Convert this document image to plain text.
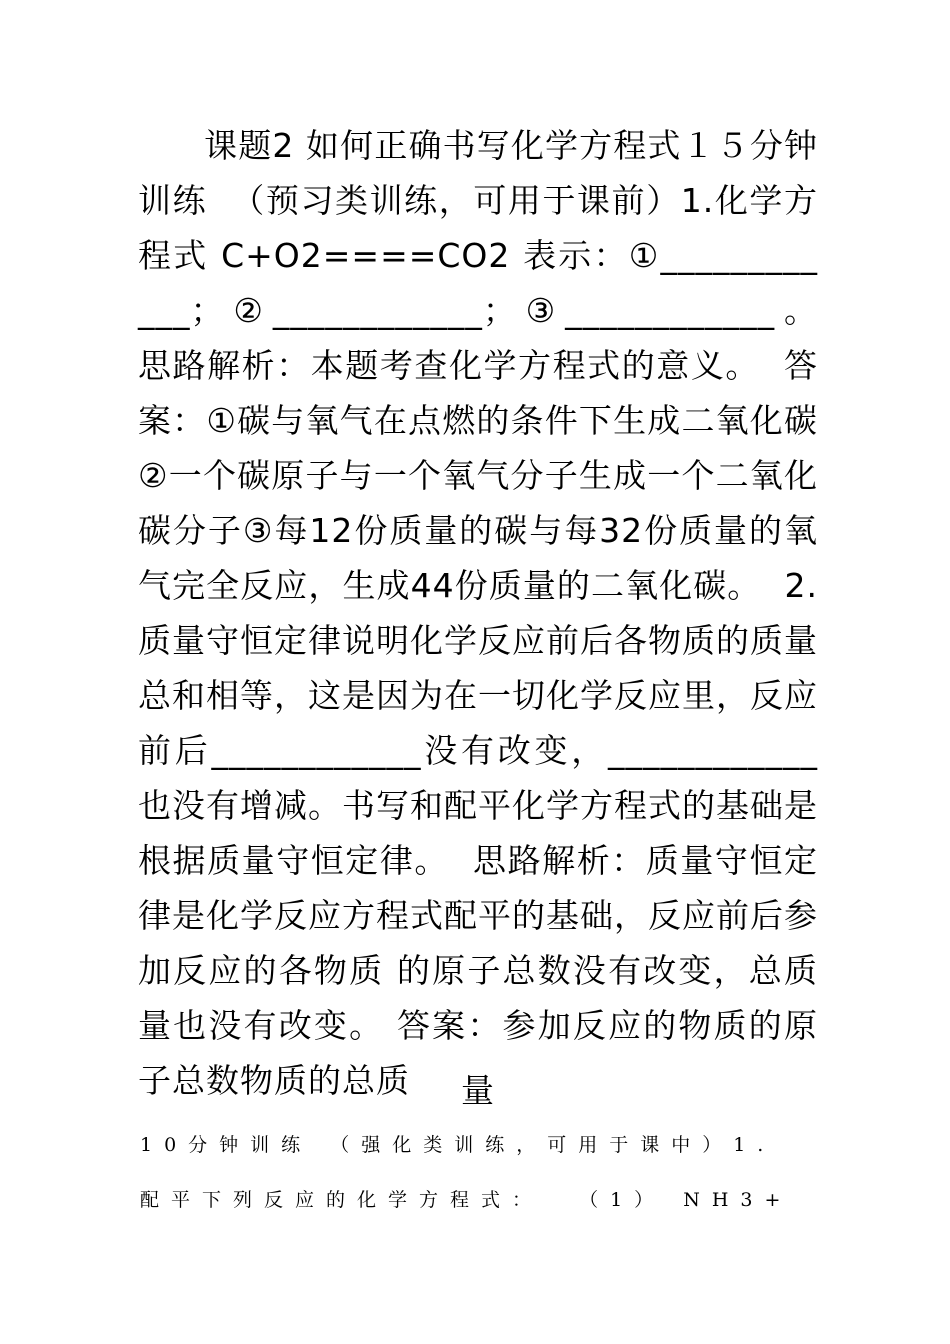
课题2 如何正确书写化学方程式１５分钟训练  （预习类训练，可用于课前）1.化学方程式 C+O2====CO2 表示：①____________；②____________；③____________。 思路解析：本题考查化学方程式的意义。  答案：①碳与氧气在点燃的条件下生成二氧化碳②一个碳原子与一个氧气分子生成一个二氧化碳分子③每12份质量的碳与每32份质量的氧气完全反应，生成44份质量的二氧化碳。  2.质量守恒定律说明化学反应前后各物质的质量总和相等，这是因为在一切化学反应里，反应前后____________没有改变，____________也没有增减。书写和配平化学方程式的基础是根据质量守恒定律。  思路解析：质量守恒定律是化学反应方程式配平的基础，反应前后参加反应的各物质 的原子总数没有改变，总质量也没有改变。 答案：参加反应的物质的原子总数物质的总质	量
10分钟训练 （强化类训练，可用于课中）1.
配平下列反应的化学方程式：  （1） NH3+
